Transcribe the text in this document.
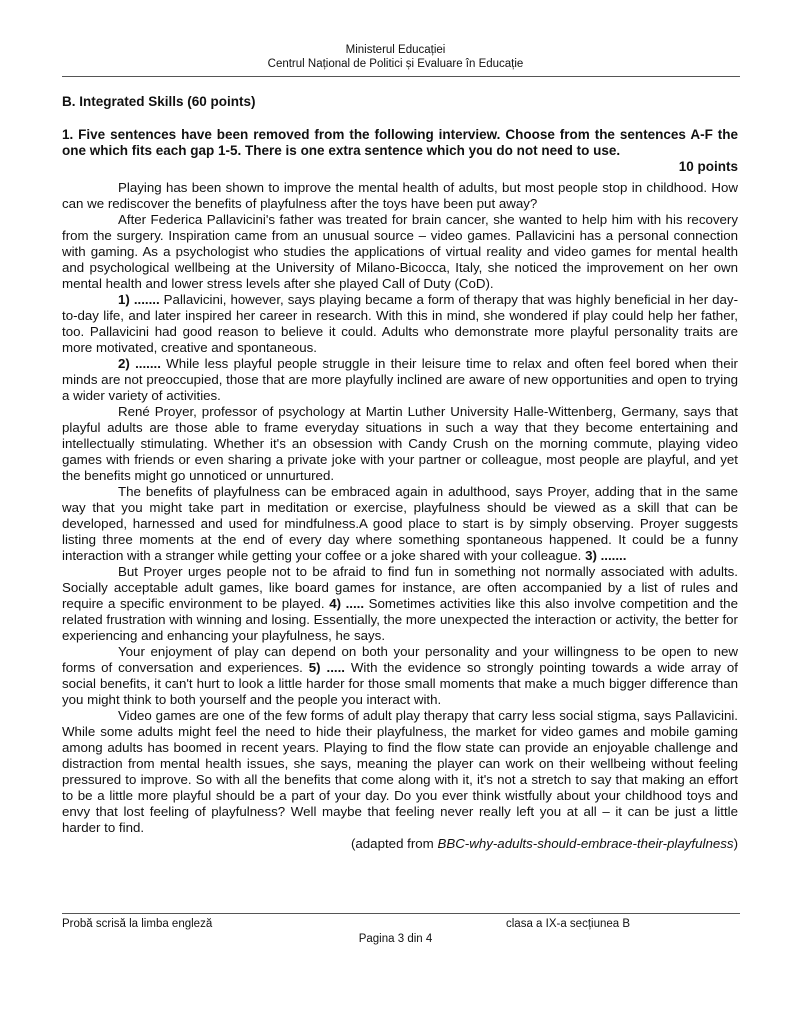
Ministerul Educației
Centrul Național de Politici și Evaluare în Educație
B. Integrated Skills (60 points)
1. Five sentences have been removed from the following interview. Choose from the sentences A-F the one which fits each gap 1-5. There is one extra sentence which you do not need to use.
10 points

Playing has been shown to improve the mental health of adults, but most people stop in childhood. How can we rediscover the benefits of playfulness after the toys have been put away?

After Federica Pallavicini's father was treated for brain cancer, she wanted to help him with his recovery from the surgery. Inspiration came from an unusual source – video games. Pallavicini has a personal connection with gaming. As a psychologist who studies the applications of virtual reality and video games for mental health and psychological wellbeing at the University of Milano-Bicocca, Italy, she noticed the improvement on her own mental health and lower stress levels after she played Call of Duty (CoD).

1) ....... Pallavicini, however, says playing became a form of therapy that was highly beneficial in her day-to-day life, and later inspired her career in research. With this in mind, she wondered if play could help her father, too. Pallavicini had good reason to believe it could. Adults who demonstrate more playful personality traits are more motivated, creative and spontaneous.

2) ....... While less playful people struggle in their leisure time to relax and often feel bored when their minds are not preoccupied, those that are more playfully inclined are aware of new opportunities and open to trying a wider variety of activities.

René Proyer, professor of psychology at Martin Luther University Halle-Wittenberg, Germany, says that playful adults are those able to frame everyday situations in such a way that they become entertaining and intellectually stimulating. Whether it's an obsession with Candy Crush on the morning commute, playing video games with friends or even sharing a private joke with your partner or colleague, most people are playful, and yet the benefits might go unnoticed or unnurtured.

The benefits of playfulness can be embraced again in adulthood, says Proyer, adding that in the same way that you might take part in meditation or exercise, playfulness should be viewed as a skill that can be developed, harnessed and used for mindfulness.A good place to start is by simply observing. Proyer suggests listing three moments at the end of every day where something spontaneous happened. It could be a funny interaction with a stranger while getting your coffee or a joke shared with your colleague. 3) .......

But Proyer urges people not to be afraid to find fun in something not normally associated with adults. Socially acceptable adult games, like board games for instance, are often accompanied by a list of rules and require a specific environment to be played. 4) ..... Sometimes activities like this also involve competition and the related frustration with winning and losing. Essentially, the more unexpected the interaction or activity, the better for experiencing and enhancing your playfulness, he says.

Your enjoyment of play can depend on both your personality and your willingness to be open to new forms of conversation and experiences. 5) ..... With the evidence so strongly pointing towards a wide array of social benefits, it can't hurt to look a little harder for those small moments that make a much bigger difference than you might think to both yourself and the people you interact with.

Video games are one of the few forms of adult play therapy that carry less social stigma, says Pallavicini. While some adults might feel the need to hide their playfulness, the market for video games and mobile gaming among adults has boomed in recent years. Playing to find the flow state can provide an enjoyable challenge and distraction from mental health issues, she says, meaning the player can work on their wellbeing without feeling pressured to improve. So with all the benefits that come along with it, it's not a stretch to say that making an effort to be a little more playful should be a part of your day. Do you ever think wistfully about your childhood toys and envy that lost feeling of playfulness? Well maybe that feeling never really left you at all – it can be just a little harder to find.

(adapted from BBC-why-adults-should-embrace-their-playfulness)
Probă scrisă la limba engleză	clasa a IX-a secțiunea B
Pagina 3 din 4
